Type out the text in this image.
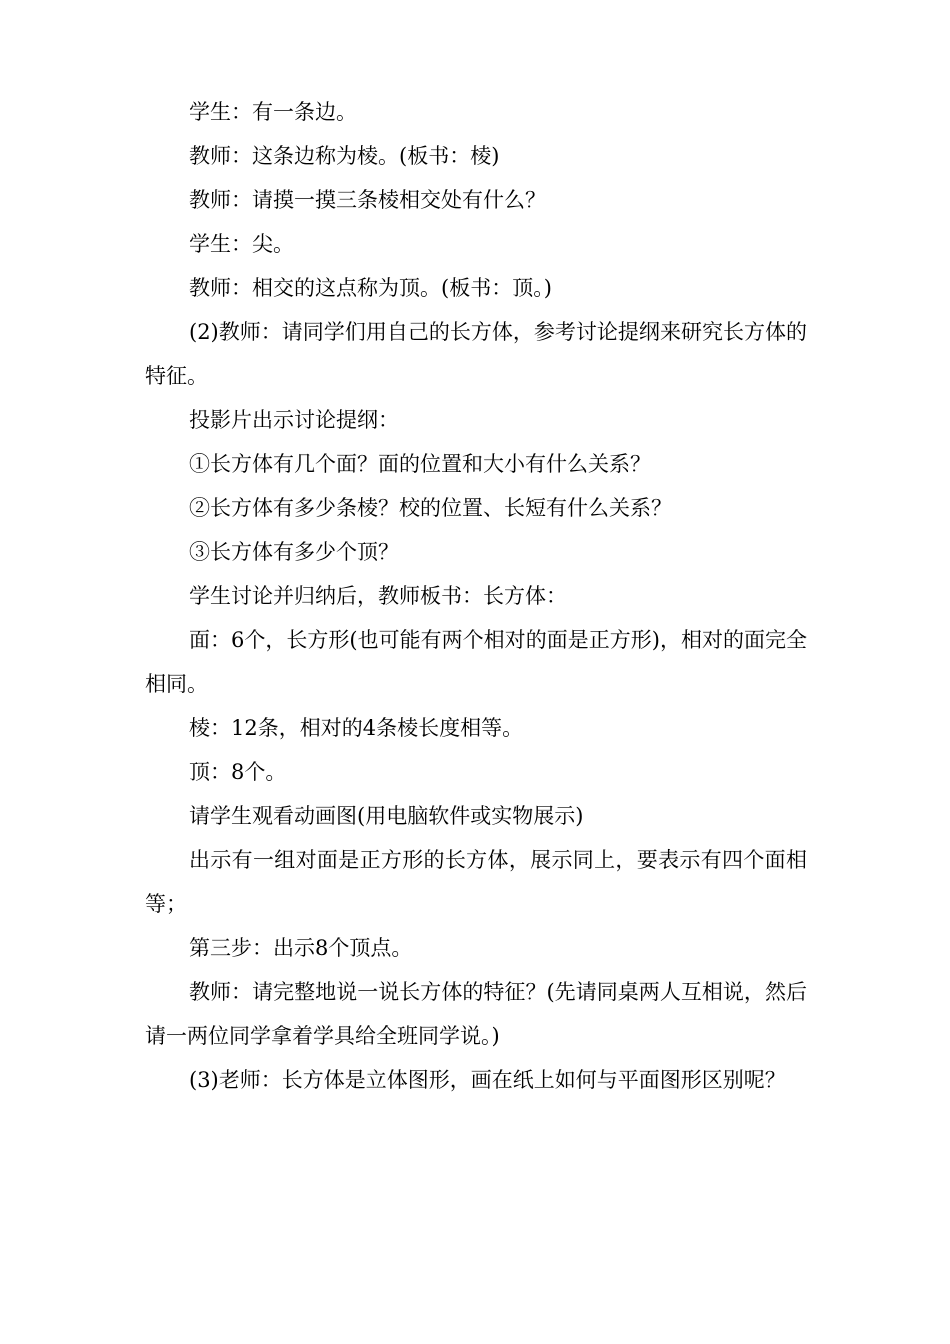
学生：有一条边。

教师：这条边称为棱。(板书：棱)

教师：请摸一摸三条棱相交处有什么？

学生：尖。

教师：相交的这点称为顶。(板书：顶。)

(2)教师：请同学们用自己的长方体，参考讨论提纲来研究长方体的特征。

投影片出示讨论提纲：

①长方体有几个面？面的位置和大小有什么关系？

②长方体有多少条棱？校的位置、长短有什么关系？

③长方体有多少个顶？

学生讨论并归纳后，教师板书：长方体：

面：6个，长方形(也可能有两个相对的面是正方形)，相对的面完全相同。

棱：12条，相对的4条棱长度相等。

顶：8个。

请学生观看动画图(用电脑软件或实物展示)

出示有一组对面是正方形的长方体，展示同上，要表示有四个面相等；

第三步：出示8个顶点。

教师：请完整地说一说长方体的特征？(先请同桌两人互相说，然后请一两位同学拿着学具给全班同学说。)

(3)老师：长方体是立体图形，画在纸上如何与平面图形区别呢？
